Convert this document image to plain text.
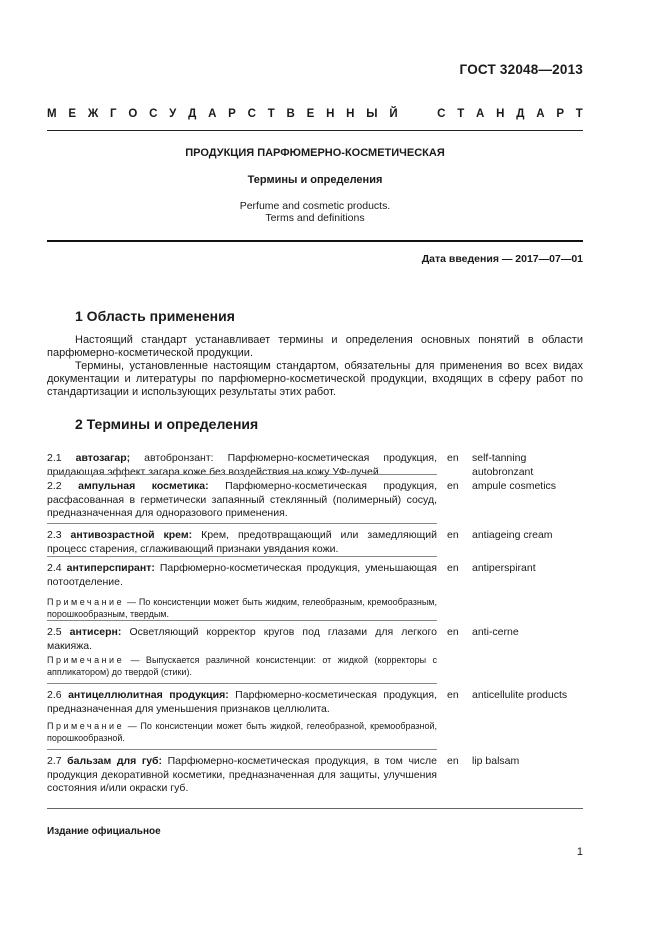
ГОСТ 32048—2013
М Е Ж Г О С У Д А Р С Т В Е Н Н Ы Й	С Т А Н Д А Р Т
ПРОДУКЦИЯ ПАРФЮМЕРНО-КОСМЕТИЧЕСКАЯ
Термины и определения
Perfume and cosmetic products.
Terms and definitions
Дата введения — 2017—07—01
1 Область применения
Настоящий стандарт устанавливает термины и определения основных понятий в области парфюмерно-косметической продукции.
Термины, установленные настоящим стандартом, обязательны для применения во всех видах документации и литературы по парфюмерно-косметической продукции, входящих в сферу работ по стандартизации и использующих результаты этих работ.
2 Термины и определения
2.1 автозагар; автобронзант: Парфюмерно-косметическая продукция, придающая эффект загара коже без воздействия на кожу УФ-лучей.
en self-tanning
autobronzant
2.2 ампульная косметика: Парфюмерно-косметическая продукция, расфасованная в герметически запаянный стеклянный (полимерный) сосуд, предназначенная для одноразового применения.
en ampule cosmetics
2.3 антивозрастной крем: Крем, предотвращающий или замедляющий процесс старения, сглаживающий признаки увядания кожи.
en antiageing cream
2.4 антиперспирант: Парфюмерно-косметическая продукция, уменьшающая потоотделение.
en antiperspirant
Примечание — По консистенции может быть жидким, гелеобразным, кремообразным, порошкообразным, твердым.
2.5 антисерн: Осветляющий корректор кругов под глазами для легкого макияжа.
en anti-cerne
Примечание — Выпускается различной консистенции: от жидкой (корректоры с аппликатором) до твердой (стики).
2.6 антицеллюлитная продукция: Парфюмерно-косметическая продукция, предназначенная для уменьшения признаков целлюлита.
en anticellulite products
Примечание — По консистенции может быть жидкой, гелеобразной, кремообразной, порошкообразной.
2.7 бальзам для губ: Парфюмерно-косметическая продукция, в том числе продукция декоративной косметики, предназначенная для защиты, улучшения состояния и/или окраски губ.
en lip balsam
Издание официальное
1
